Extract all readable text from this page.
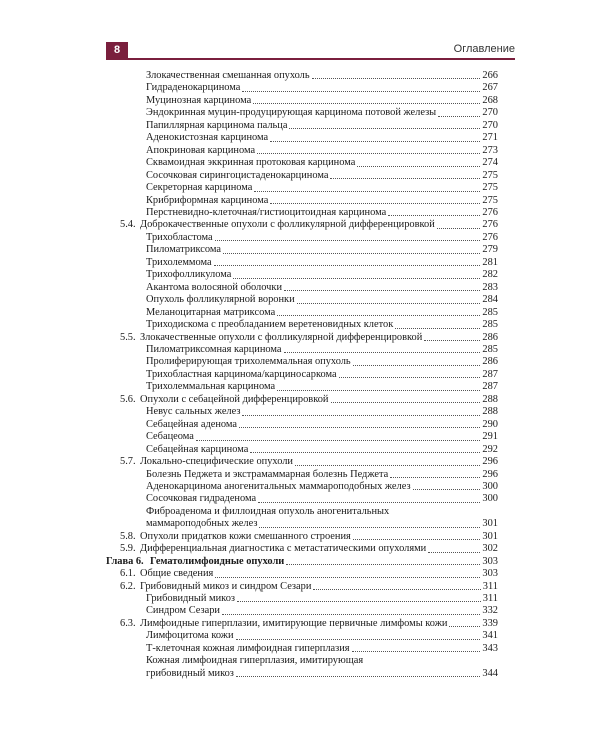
8	Оглавление
Злокачественная смешанная опухоль	266
Гидраденокарцинома	267
Муцинозная карцинома	268
Эндокринная муцин-продуцирующая карцинома потовой железы	270
Папиллярная карцинома пальца	270
Аденокистозная карцинома	271
Апокриновая карцинома	273
Сквамоидная эккринная протоковая карцинома	274
Сосочковая сирингоцистаденокарцинома	275
Секреторная карцинома	275
Крибриформная карцинома	275
Перстневидно-клеточная/гистиоцитоидная карцинома	276
5.4. Доброкачественные опухоли с фолликулярной дифференцировкой	276
Трихобластома	276
Пиломатриксома	279
Трихолеммома	281
Трихофолликулома	282
Акантома волосяной оболочки	283
Опухоль фолликулярной воронки	284
Меланоцитарная матриксома	285
Триходискома с преобладанием веретеновидных клеток	285
5.5. Злокачественные опухоли с фолликулярной дифференцировкой	286
Пиломатриксомная карцинома	285
Пролиферирующая трихолеммальная опухоль	286
Трихобластная карцинома/карциносаркома	287
Трихолеммальная карцинома	287
5.6. Опухоли с себацейной дифференцировкой	288
Невус сальных желез	288
Себацейная аденома	290
Себацеома	291
Себацейная карцинома	292
5.7. Локально-специфические опухоли	296
Болезнь Педжета и экстрамаммарная болезнь Педжета	296
Аденокарцинома аногенитальных маммароподобных желез	300
Сосочковая гидраденома	300
Фиброаденома и филлоидная опухоль аногенитальных
маммароподобных желез	301
5.8. Опухоли придатков кожи смешанного строения	301
5.9. Дифференциальная диагностика с метастатическими опухолями	302
Глава 6. Гематолимфоидные опухоли	303
6.1. Общие сведения	303
6.2. Грибовидный микоз и синдром Сезари	311
Грибовидный микоз	311
Синдром Сезари	332
6.3. Лимфоидные гиперплазии, имитирующие первичные лимфомы кожи	339
Лимфоцитома кожи	341
Т-клеточная кожная лимфоидная гиперплазия	343
Кожная лимфоидная гиперплазия, имитирующая
грибовидный микоз	344
